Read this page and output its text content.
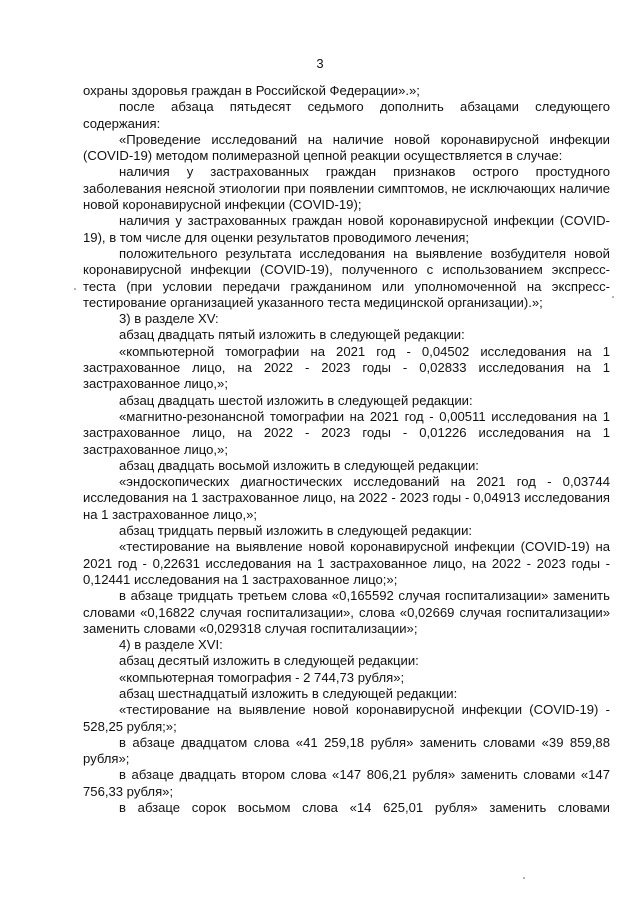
3

охраны здоровья граждан в Российской Федерации».»;

после абзаца пятьдесят седьмого дополнить абзацами следующего содержания:

«Проведение исследований на наличие новой коронавирусной инфекции (COVID-19) методом полимеразной цепной реакции осуществляется в случае:

наличия у застрахованных граждан признаков острого простудного заболевания неясной этиологии при появлении симптомов, не исключающих наличие новой коронавирусной инфекции (COVID-19);

наличия у застрахованных граждан новой коронавирусной инфекции (COVID-19), в том числе для оценки результатов проводимого лечения;

положительного результата исследования на выявление возбудителя новой коронавирусной инфекции (COVID-19), полученного с использованием экспресс-теста (при условии передачи гражданином или уполномоченной на экспресс-тестирование организацией указанного теста медицинской организации).»;

3) в разделе XV:

абзац двадцать пятый изложить в следующей редакции:

«компьютерной томографии на 2021 год - 0,04502 исследования на 1 застрахованное лицо, на 2022 - 2023 годы - 0,02833 исследования на 1 застрахованное лицо,»;

абзац двадцать шестой изложить в следующей редакции:

«магнитно-резонансной томографии на 2021 год - 0,00511 исследования на 1 застрахованное лицо, на 2022 - 2023 годы - 0,01226 исследования на 1 застрахованное лицо,»;

абзац двадцать восьмой изложить в следующей редакции:

«эндоскопических диагностических исследований на 2021 год - 0,03744 исследования на 1 застрахованное лицо, на 2022 - 2023 годы - 0,04913 исследования на 1 застрахованное лицо,»;

абзац тридцать первый изложить в следующей редакции:

«тестирование на выявление новой коронавирусной инфекции (COVID-19) на 2021 год - 0,22631 исследования на 1 застрахованное лицо, на 2022 - 2023 годы - 0,12441 исследования на 1 застрахованное лицо;»;

в абзаце тридцать третьем слова «0,165592 случая госпитализации» заменить словами «0,16822 случая госпитализации», слова «0,02669 случая госпитализации» заменить словами «0,029318 случая госпитализации»;

4) в разделе XVI:

абзац десятый изложить в следующей редакции:

«компьютерная томография - 2 744,73 рубля»;

абзац шестнадцатый изложить в следующей редакции:

«тестирование на выявление новой коронавирусной инфекции (COVID-19) - 528,25 рубля;»;

в абзаце двадцатом слова «41 259,18 рубля» заменить словами «39 859,88 рубля»;

в абзаце двадцать втором слова «147 806,21 рубля» заменить словами «147 756,33 рубля»;

в абзаце сорок восьмом слова «14 625,01 рубля» заменить словами
